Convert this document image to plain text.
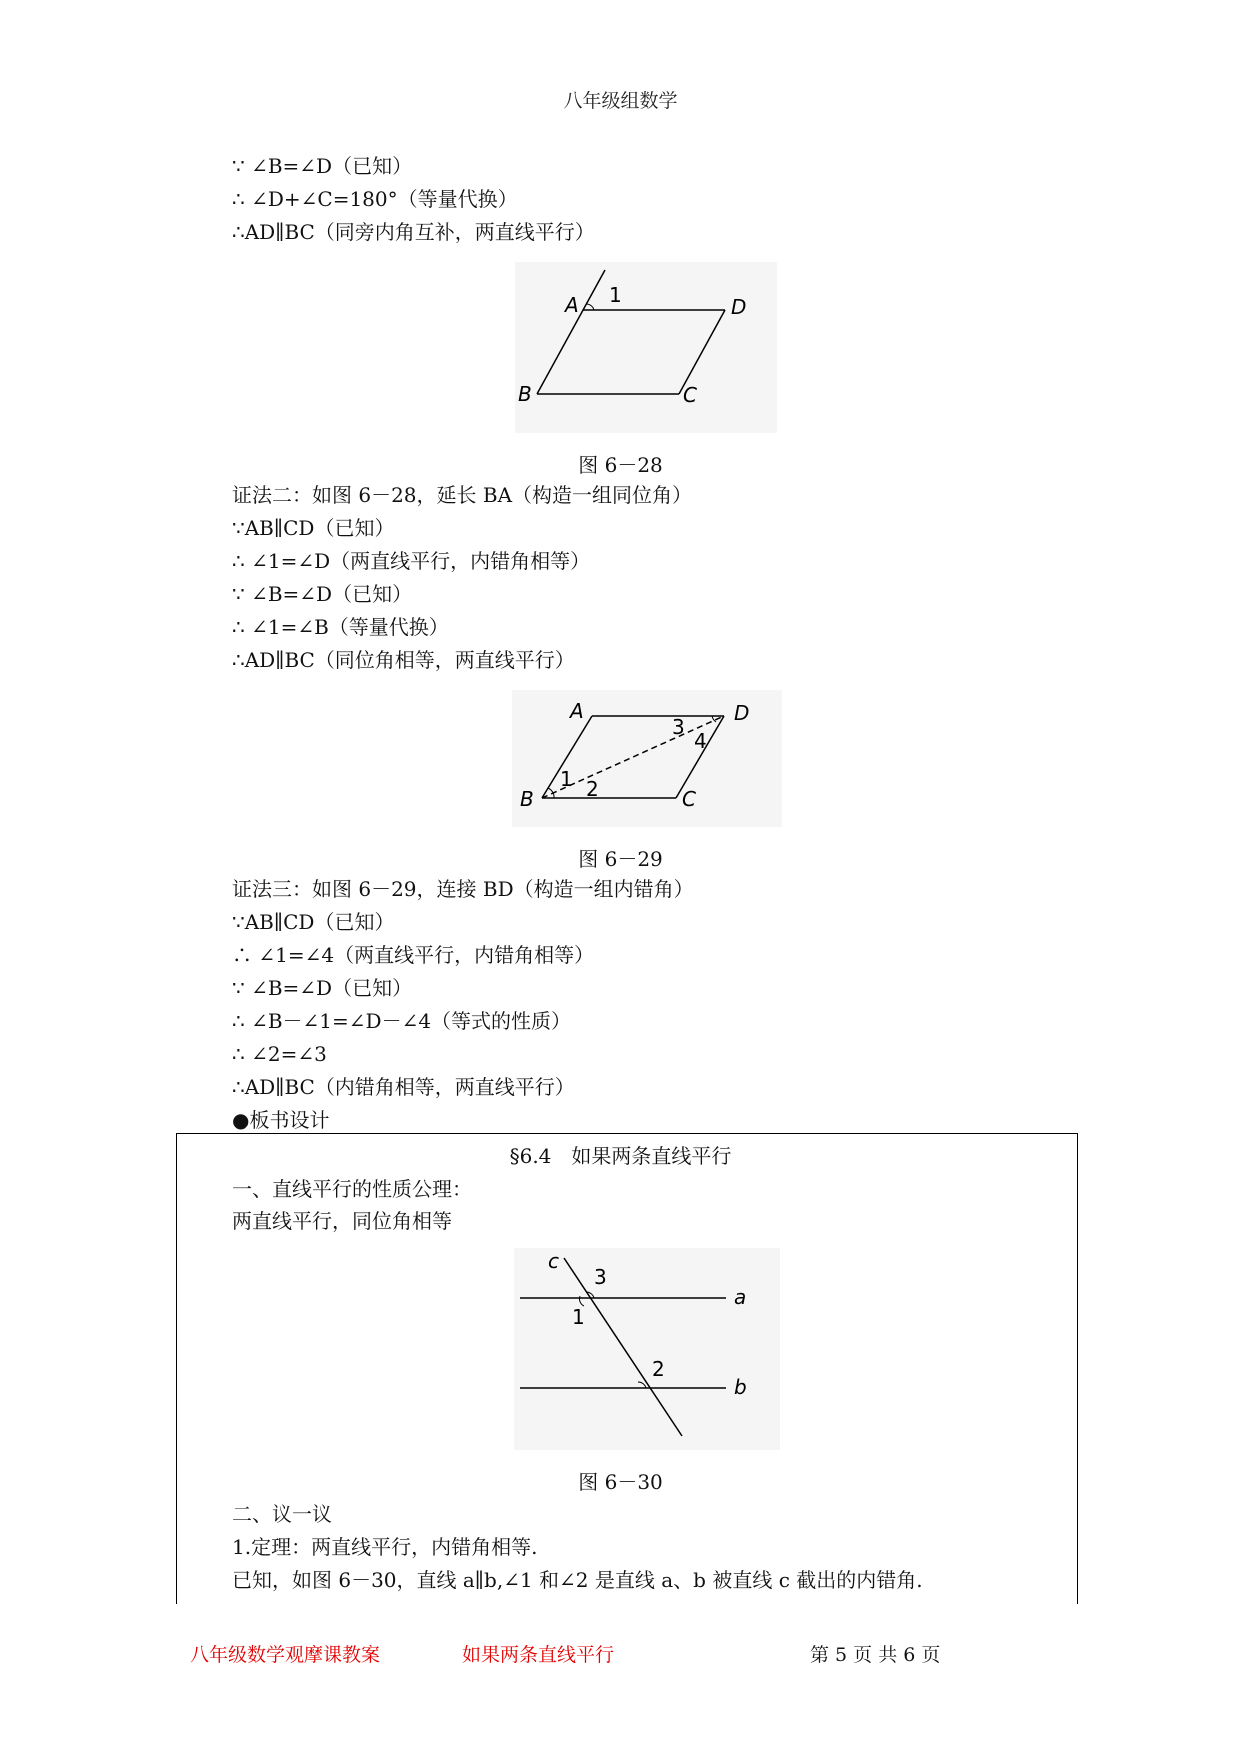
八年级组数学
∵ ∠B=∠D（已知）
∴ ∠D+∠C=180°（等量代换）
∴AD∥BC（同旁内角互补，两直线平行）
A 1	D
B	C
图 6－28
证法二：如图 6－28，延长 BA（构造一组同位角）
∵AB∥CD（已知）
∴ ∠1=∠D（两直线平行，内错角相等）
∵ ∠B=∠D（已知）
∴ ∠1=∠B（等量代换）
∴AD∥BC（同位角相等，两直线平行）
A	D
B	C
1 2
3
4
图 6－29
证法三：如图 6－29，连接 BD（构造一组内错角）
∵AB∥CD（已知）
∴ ∠1=∠4（两直线平行，内错角相等）
∵ ∠B=∠D（已知）
∴ ∠B－∠1=∠D－∠4（等式的性质）
∴ ∠2=∠3
∴AD∥BC（内错角相等，两直线平行）
●板书设计
§6.4　如果两条直线平行
一、直线平行的性质公理：
两直线平行，同位角相等
c
3
a
1
2
b
图 6－30
二、议一议
1.定理：两直线平行，内错角相等.
已知，如图 6－30，直线 a∥b,∠1 和∠2 是直线 a、b 被直线 c 截出的内错角.
八年级数学观摩课教案	如果两条直线平行	第 5 页 共 6 页
